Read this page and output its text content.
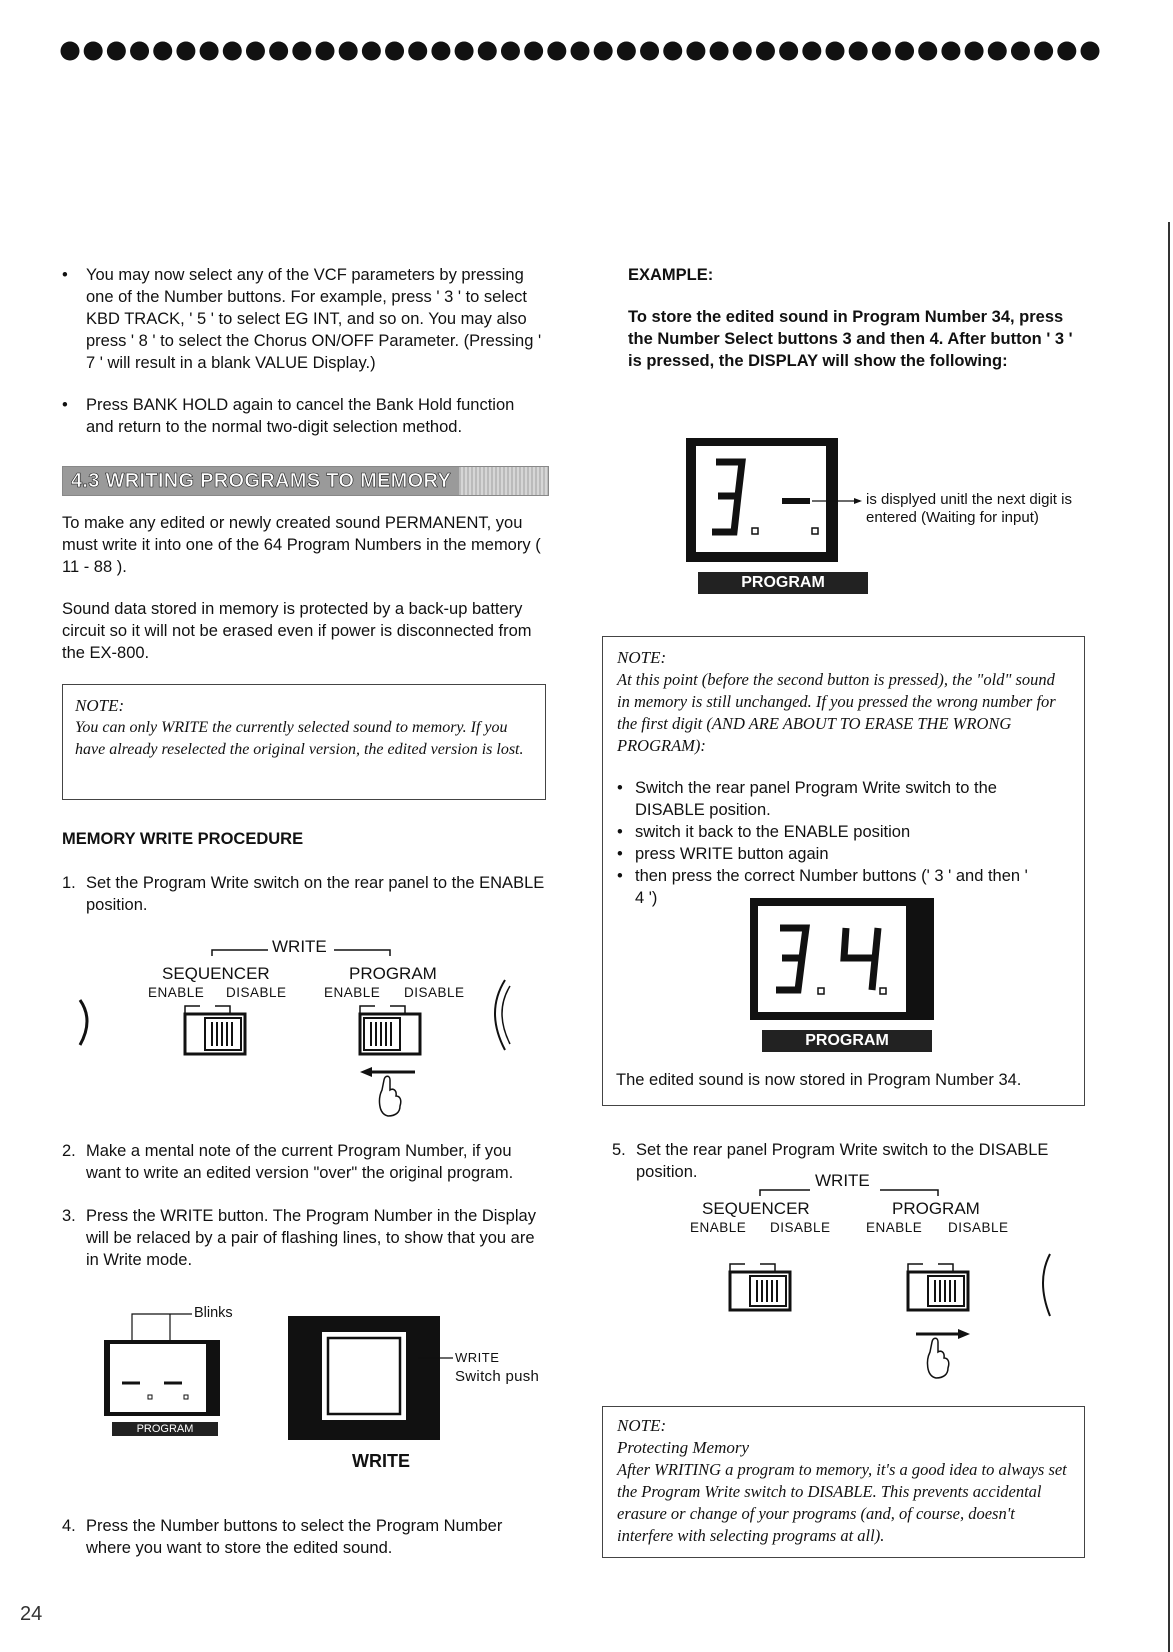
• You may now select any of the VCF parameters by pressing one of the Number buttons. For example, press ' 3 ' to select KBD TRACK, ' 5 ' to select EG INT, and so on. You may also press ' 8 ' to select the Chorus ON/OFF Parameter. (Pressing ' 7 ' will result in a blank VALUE Display.)

• Press BANK HOLD again to cancel the Bank Hold function and return to the normal two-digit selection method.

4.3 WRITING PROGRAMS TO MEMORY

To make any edited or newly created sound PERMANENT, you must write it into one of the 64 Program Numbers in the memory ( 11 - 88 ).

Sound data stored in memory is protected by a back-up battery circuit so it will not be erased even if power is disconnected from the EX-800.

NOTE:

You can only WRITE the currently selected sound to memory. If you have already reselected the original version, the edited version is lost.

MEMORY WRITE PROCEDURE
1. Set the Program Write switch on the rear panel to the ENABLE position.

WRITE
SEQUENCER	PROGRAM
ENABLE DISABLE	ENABLE DISABLE
2. Make a mental note of the current Program Number, if you want to write an edited version "over" the original program.

3. Press the WRITE button. The Program Number in the Display will be relaced by a pair of flashing lines, to show that you are in Write mode.

Blinks
PROGRAM
WRITE
Switch push
WRITE
4. Press the Number buttons to select the Program Number where you want to store the edited sound.

EXAMPLE:
To store the edited sound in Program Number 34, press the Number Select buttons 3 and then 4. After button ' 3 ' is pressed, the DISPLAY will show the following:
is displyed unitl the next digit is entered (Waiting for input)
PROGRAM

NOTE:

At this point (before the second button is pressed), the "old" sound in memory is still unchanged. If you pressed the wrong number for the first digit (AND ARE ABOUT TO ERASE THE WRONG PROGRAM):

• Switch the rear panel Program Write switch to the DISABLE position.

• switch it back to the ENABLE position

• press WRITE button again

• then press the correct Number buttons (' 3 ' and then ' 4 ')

PROGRAM
The edited sound is now stored in Program Number 34.
5. Set the rear panel Program Write switch to the DISABLE position.	WRITE
SEQUENCER	PROGRAM
ENABLE DISABLE	ENABLE DISABLE

NOTE:

Protecting Memory

After WRITING a program to memory, it's a good idea to always set the Program Write switch to DISABLE. This prevents accidental erasure or change of your programs (and, of course, doesn't interfere with selecting programs at all).

24
